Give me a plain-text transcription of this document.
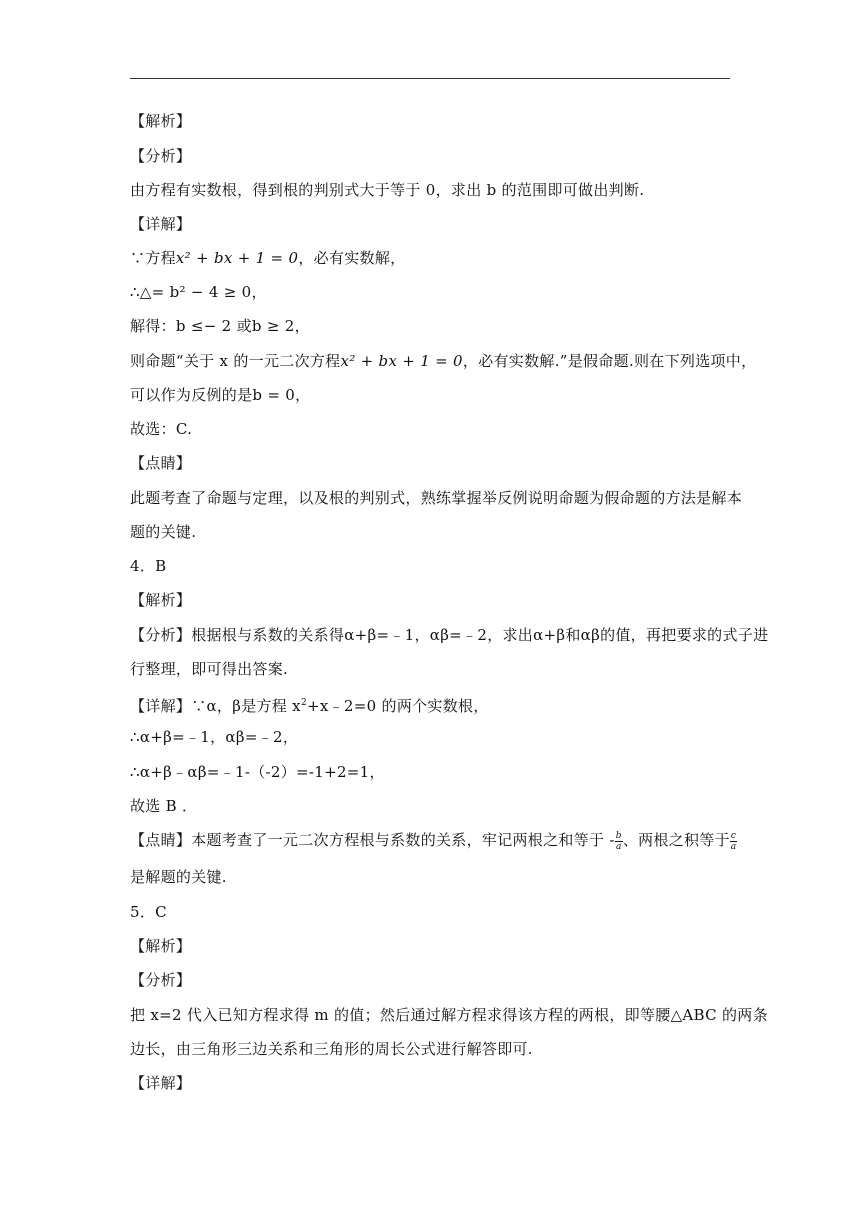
【解析】
【分析】
由方程有实数根，得到根的判别式大于等于 0，求出 b 的范围即可做出判断.
【详解】
∵方程x² + bx + 1 = 0，必有实数解，
∴△= b² − 4 ≥ 0，
解得：b ≤− 2 或b ≥ 2，
则命题“关于 x 的一元二次方程x² + bx + 1 = 0，必有实数解.”是假命题.则在下列选项中，
可以作为反例的是b = 0，
故选：C.
【点睛】
此题考查了命题与定理，以及根的判别式，熟练掌握举反例说明命题为假命题的方法是解本
题的关键.
4．B
【解析】
【分析】根据根与系数的关系得α+β=﹣1，αβ=﹣2，求出α+β和αβ的值，再把要求的式子进
行整理，即可得出答案.
【详解】∵α，β是方程 $x^2+x﹣2=0$ 的两个实数根，
∴α+β=﹣1，αβ=﹣2，
∴α+β﹣αβ=﹣1-（-2）=-1+2=1，
故选 B ．
【点睛】本题考查了一元二次方程根与系数的关系，牢记两根之和等于 - $\frac{b}{a}$ 、两根之积等于 $\frac{c}{a}$
是解题的关键.
5．C
【解析】
【分析】
把 x=2 代入已知方程求得 m 的值；然后通过解方程求得该方程的两根，即等腰△ABC 的两条
边长，由三角形三边关系和三角形的周长公式进行解答即可.
【详解】
